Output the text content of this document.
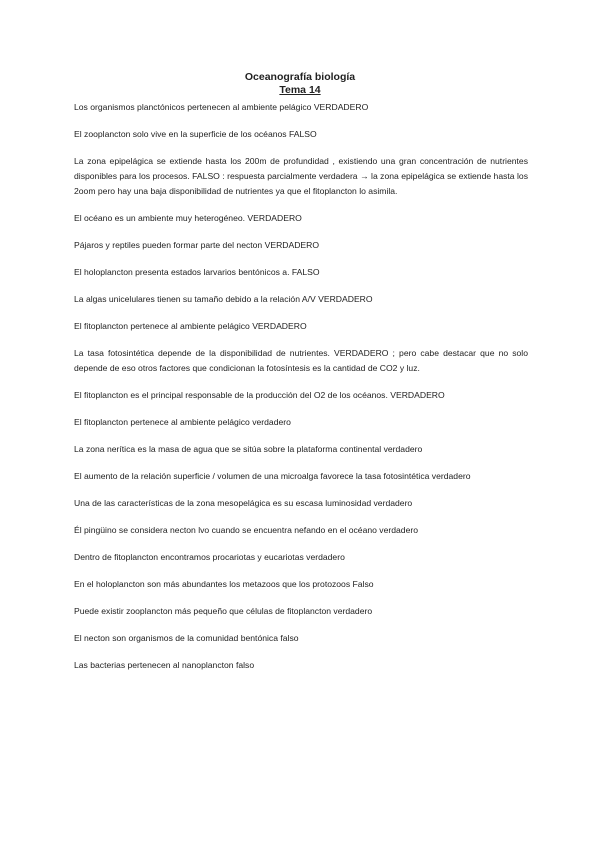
Oceanografía biología
Tema 14

Los organismos planctónicos pertenecen al ambiente pelágico VERDADERO

El zooplancton solo vive en la superficie de los océanos FALSO

La zona epipelágica se extiende hasta los 200m de profundidad , existiendo una gran concentración de nutrientes disponibles para los procesos. FALSO : respuesta parcialmente verdadera → la zona epipelágica se extiende hasta los 2oom pero hay una baja disponibilidad de nutrientes ya que el fitoplancton lo asimila.

El océano es un ambiente muy heterogéneo. VERDADERO

Pájaros y reptiles pueden formar parte del necton VERDADERO

El holoplancton presenta estados larvarios bentónicos a. FALSO

La algas unicelulares tienen su tamaño debido a la relación A/V VERDADERO

El fitoplancton pertenece al ambiente pelágico VERDADERO

La tasa fotosintética depende de la disponibilidad de nutrientes. VERDADERO ; pero cabe destacar que no solo depende de eso otros factores que condicionan la fotosíntesis es la cantidad de CO2 y luz.

El fitoplancton es el principal responsable de la producción del O2 de los océanos. VERDADERO

El fitoplancton pertenece al ambiente pelágico verdadero

La zona nerítica es la masa de agua que se sitúa sobre la plataforma continental verdadero

El aumento de la relación superficie / volumen de una microalga favorece la tasa fotosintética verdadero

Una de las características de la zona mesopelágica es su escasa luminosidad verdadero

Él pingüino se considera necton lvo cuando se encuentra nefando en el océano verdadero

Dentro de fitoplancton encontramos procariotas y eucariotas verdadero

En el holoplancton son más abundantes los metazoos que los protozoos Falso

Puede existir zooplancton más pequeño que células de fitoplancton verdadero

El necton son organismos de la comunidad bentónica falso

Las bacterias pertenecen al nanoplancton falso
